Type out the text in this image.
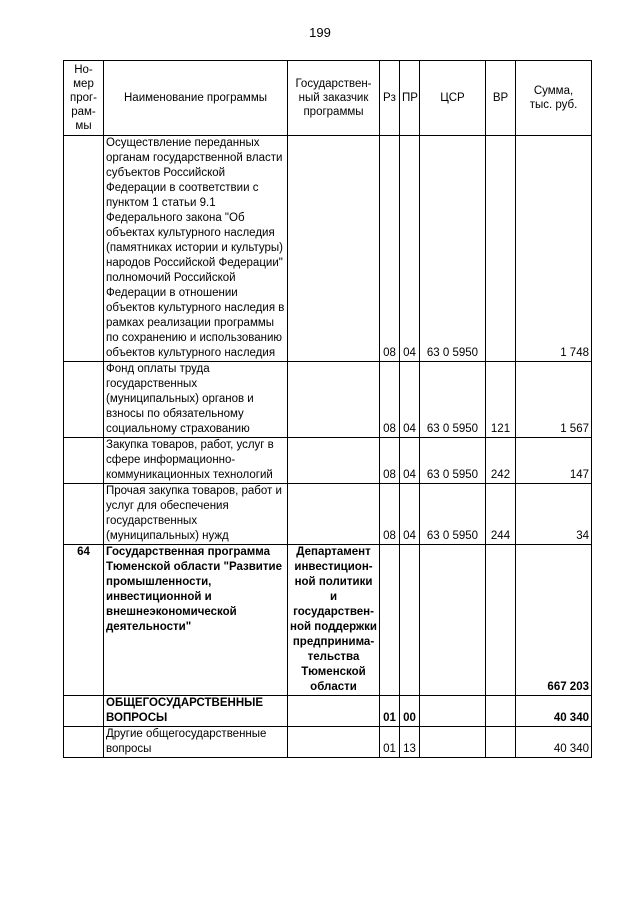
199
Но-
мер
прог-
рам-
мы	Наименование программы	Государствен-
ный заказчик
программы	Рз	ПР	ЦСР	ВР	Сумма,
тыс. руб.
	Осуществление переданных органам государственной власти субъектов Российской Федерации в соответствии с пунктом 1 статьи 9.1 Федерального закона "Об объектах культурного наследия (памятниках истории и культуры) народов Российской Федерации" полномочий Российской Федерации в отношении объектов культурного наследия в рамках реализации программы по сохранению и использованию объектов культурного наследия		08	04	63 0 5950		1 748
	Фонд оплаты труда государственных (муниципальных) органов и взносы по обязательному социальному страхованию		08	04	63 0 5950	121	1 567
	Закупка товаров, работ, услуг в сфере информационно-коммуникационных технологий		08	04	63 0 5950	242	147
	Прочая закупка товаров, работ и услуг для обеспечения государственных (муниципальных) нужд		08	04	63 0 5950	244	34
64	Государственная программа Тюменской области "Развитие промышленности, инвестиционной и внешнеэкономической деятельности"	Департамент инвестицион-ной политики и государствен-ной поддержки предпринима-тельства Тюменской области					667 203
	ОБЩЕГОСУДАРСТВЕННЫЕ ВОПРОСЫ		01	00			40 340
	Другие общегосударственные вопросы		01	13			40 340
